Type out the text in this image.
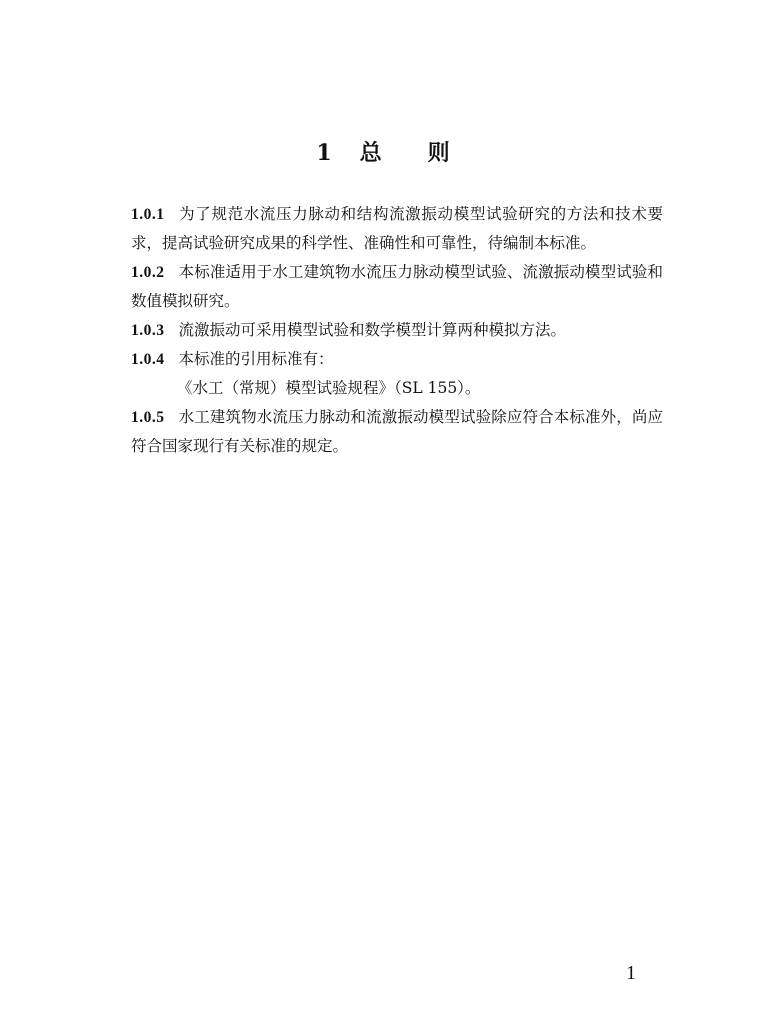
1 总 则

1.0.1 为了规范水流压力脉动和结构流激振动模型试验研究的方法和技术要求，提高试验研究成果的科学性、准确性和可靠性，待编制本标准。

1.0.2 本标准适用于水工建筑物水流压力脉动模型试验、流激振动模型试验和数值模拟研究。

1.0.3 流激振动可采用模型试验和数学模型计算两种模拟方法。

1.0.4 本标准的引用标准有：

《水工（常规）模型试验规程》（SL 155）。

1.0.5 水工建筑物水流压力脉动和流激振动模型试验除应符合本标准外，尚应符合国家现行有关标准的规定。

1
